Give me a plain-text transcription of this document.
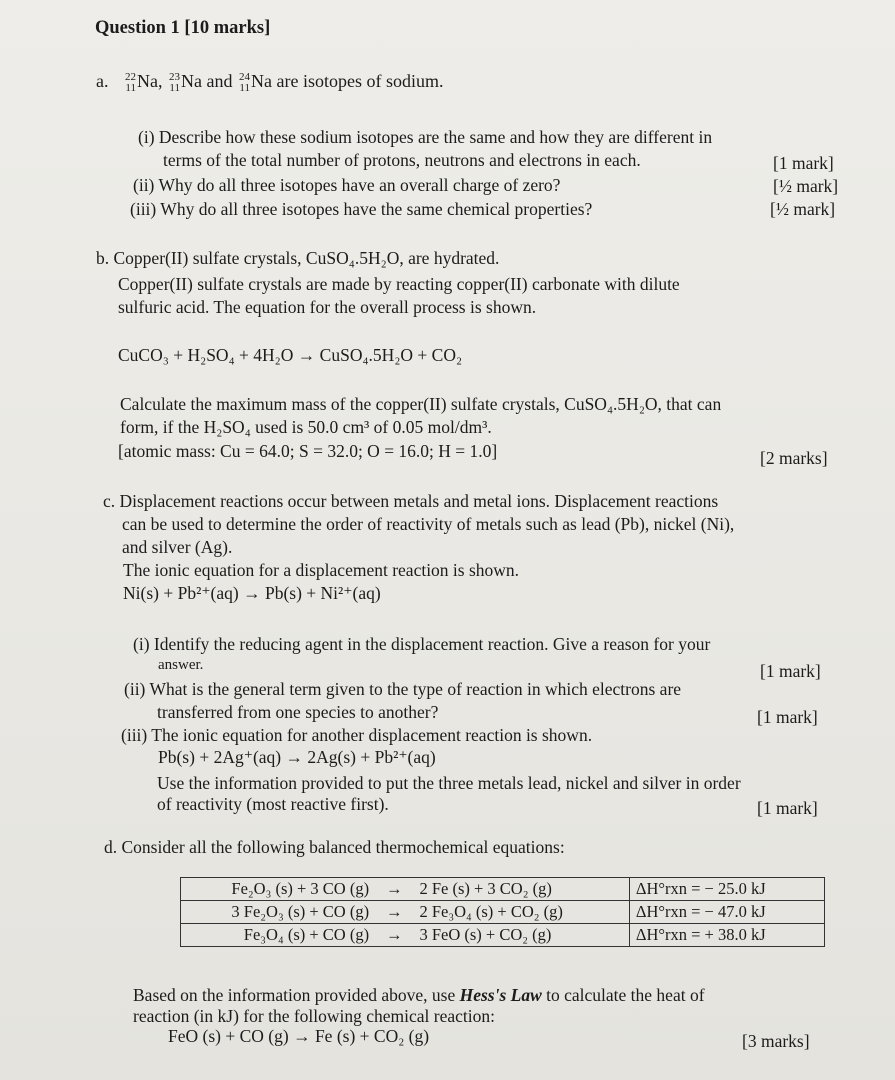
Question 1 [10 marks]
a. 22
11 Na, 23
11 Na and 24
11 Na are isotopes of sodium.
(i) Describe how these sodium isotopes are the same and how they are different in
terms of the total number of protons, neutrons and electrons in each.	[1 mark]
(ii) Why do all three isotopes have an overall charge of zero?	[½ mark]
(iii) Why do all three isotopes have the same chemical properties?	[½ mark]
b. Copper(II) sulfate crystals, CuSO₄.5H₂O, are hydrated.
Copper(II) sulfate crystals are made by reacting copper(II) carbonate with dilute
sulfuric acid. The equation for the overall process is shown.
CuCO₃ + H₂SO₄ + 4H₂O → CuSO₄.5H₂O + CO₂
Calculate the maximum mass of the copper(II) sulfate crystals, CuSO₄.5H₂O, that can
form, if the H₂SO₄ used is 50.0 cm³ of 0.05 mol/dm³.
[atomic mass: Cu = 64.0; S = 32.0; O = 16.0; H = 1.0]	[2 marks]
c. Displacement reactions occur between metals and metal ions. Displacement reactions
can be used to determine the order of reactivity of metals such as lead (Pb), nickel (Ni),
and silver (Ag).
The ionic equation for a displacement reaction is shown.
Ni(s) + Pb²⁺(aq) → Pb(s) + Ni²⁺(aq)
(i) Identify the reducing agent in the displacement reaction. Give a reason for your
answer.	[1 mark]
(ii) What is the general term given to the type of reaction in which electrons are
transferred from one species to another?	[1 mark]
(iii) The ionic equation for another displacement reaction is shown.
Pb(s) + 2Ag⁺(aq) → 2Ag(s) + Pb²⁺(aq)
Use the information provided to put the three metals lead, nickel and silver in order
of reactivity (most reactive first).	[1 mark]
d. Consider all the following balanced thermochemical equations:
Fe₂O₃ (s) + 3 CO (g)	→	2 Fe (s) + 3 CO₂ (g)	ΔH°rxn = − 25.0 kJ
3 Fe₂O₃ (s) + CO (g)	→	2 Fe₃O₄ (s) + CO₂ (g)	ΔH°rxn = − 47.0 kJ
Fe₃O₄ (s) + CO (g)	→	3 FeO (s) + CO₂ (g)	ΔH°rxn = + 38.0 kJ
Based on the information provided above, use Hess's Law to calculate the heat of
reaction (in kJ) for the following chemical reaction:
FeO (s) + CO (g) → Fe (s) + CO₂ (g)	[3 marks]
